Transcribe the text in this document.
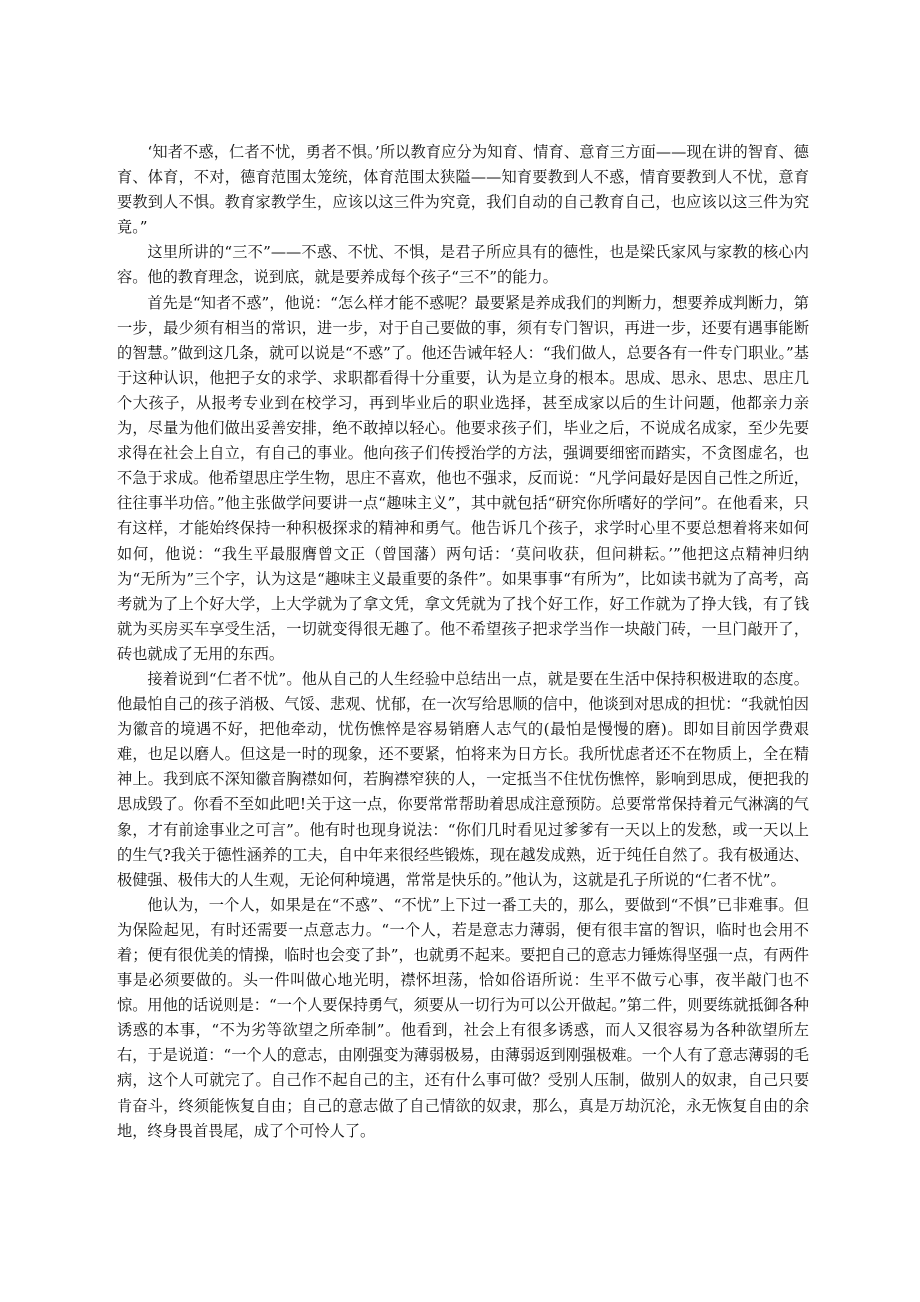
‘知者不惑，仁者不忧，勇者不惧。’所以教育应分为知育、情育、意育三方面——现在讲的智育、德育、体育，不对，德育范围太笼统，体育范围太狭隘——知育要教到人不惑，情育要教到人不忧，意育要教到人不惧。教育家教学生，应该以这三件为究竟，我们自动的自己教育自己，也应该以这三件为究竟。”

这里所讲的“三不”——不惑、不忧、不惧，是君子所应具有的德性，也是梁氏家风与家教的核心内容。他的教育理念，说到底，就是要养成每个孩子“三不”的能力。

首先是“知者不惑”，他说：“怎么样才能不惑呢？最要紧是养成我们的判断力，想要养成判断力，第一步，最少须有相当的常识，进一步，对于自己要做的事，须有专门智识，再进一步，还要有遇事能断的智慧。”做到这几条，就可以说是“不惑”了。他还告诫年轻人：“我们做人，总要各有一件专门职业。”基于这种认识，他把子女的求学、求职都看得十分重要，认为是立身的根本。思成、思永、思忠、思庄几个大孩子，从报考专业到在校学习，再到毕业后的职业选择，甚至成家以后的生计问题，他都亲力亲为，尽量为他们做出妥善安排，绝不敢掉以轻心。他要求孩子们，毕业之后，不说成名成家，至少先要求得在社会上自立，有自己的事业。他向孩子们传授治学的方法，强调要细密而踏实，不贪图虚名，也不急于求成。他希望思庄学生物，思庄不喜欢，他也不强求，反而说：“凡学问最好是因自己性之所近，往往事半功倍。”他主张做学问要讲一点“趣味主义”，其中就包括“研究你所嗜好的学问”。在他看来，只有这样，才能始终保持一种积极探求的精神和勇气。他告诉几个孩子，求学时心里不要总想着将来如何如何，他说：“我生平最服膺曾文正（曾国藩）两句话：‘莫问收获，但问耕耘。’”他把这点精神归纳为“无所为”三个字，认为这是“趣味主义最重要的条件”。如果事事“有所为”，比如读书就为了高考，高考就为了上个好大学，上大学就为了拿文凭，拿文凭就为了找个好工作，好工作就为了挣大钱，有了钱就为买房买车享受生活，一切就变得很无趣了。他不希望孩子把求学当作一块敲门砖，一旦门敲开了，砖也就成了无用的东西。

接着说到“仁者不忧”。他从自己的人生经验中总结出一点，就是要在生活中保持积极进取的态度。他最怕自己的孩子消极、气馁、悲观、忧郁，在一次写给思顺的信中，他谈到对思成的担忧：“我就怕因为徽音的境遇不好，把他牵动，忧伤憔悴是容易销磨人志气的(最怕是慢慢的磨)。即如目前因学费艰难，也足以磨人。但这是一时的现象，还不要紧，怕将来为日方长。我所忧虑者还不在物质上，全在精神上。我到底不深知徽音胸襟如何，若胸襟窄狭的人，一定抵当不住忧伤憔悴，影响到思成，便把我的思成毁了。你看不至如此吧!关于这一点，你要常常帮助着思成注意预防。总要常常保持着元气淋漓的气象，才有前途事业之可言”。他有时也现身说法：“你们几时看见过爹爹有一天以上的发愁，或一天以上的生气?我关于德性涵养的工夫，自中年来很经些锻炼，现在越发成熟，近于纯任自然了。我有极通达、极健强、极伟大的人生观，无论何种境遇，常常是快乐的。”他认为，这就是孔子所说的“仁者不忧”。

他认为，一个人，如果是在“不惑”、“不忧”上下过一番工夫的，那么，要做到“不惧”已非难事。但为保险起见，有时还需要一点意志力。“一个人，若是意志力薄弱，便有很丰富的智识，临时也会用不着；便有很优美的情操，临时也会变了卦”，也就勇不起来。要把自己的意志力锤炼得坚强一点，有两件事是必须要做的。头一件叫做心地光明，襟怀坦荡，恰如俗语所说：生平不做亏心事，夜半敲门也不惊。用他的话说则是：“一个人要保持勇气，须要从一切行为可以公开做起。”第二件，则要练就抵御各种诱惑的本事，“不为劣等欲望之所牵制”。他看到，社会上有很多诱惑，而人又很容易为各种欲望所左右，于是说道：“一个人的意志，由刚强变为薄弱极易，由薄弱返到刚强极难。一个人有了意志薄弱的毛病，这个人可就完了。自己作不起自己的主，还有什么事可做？受别人压制，做别人的奴隶，自己只要肯奋斗，终须能恢复自由；自己的意志做了自己情欲的奴隶，那么，真是万劫沉沦，永无恢复自由的余地，终身畏首畏尾，成了个可怜人了。
